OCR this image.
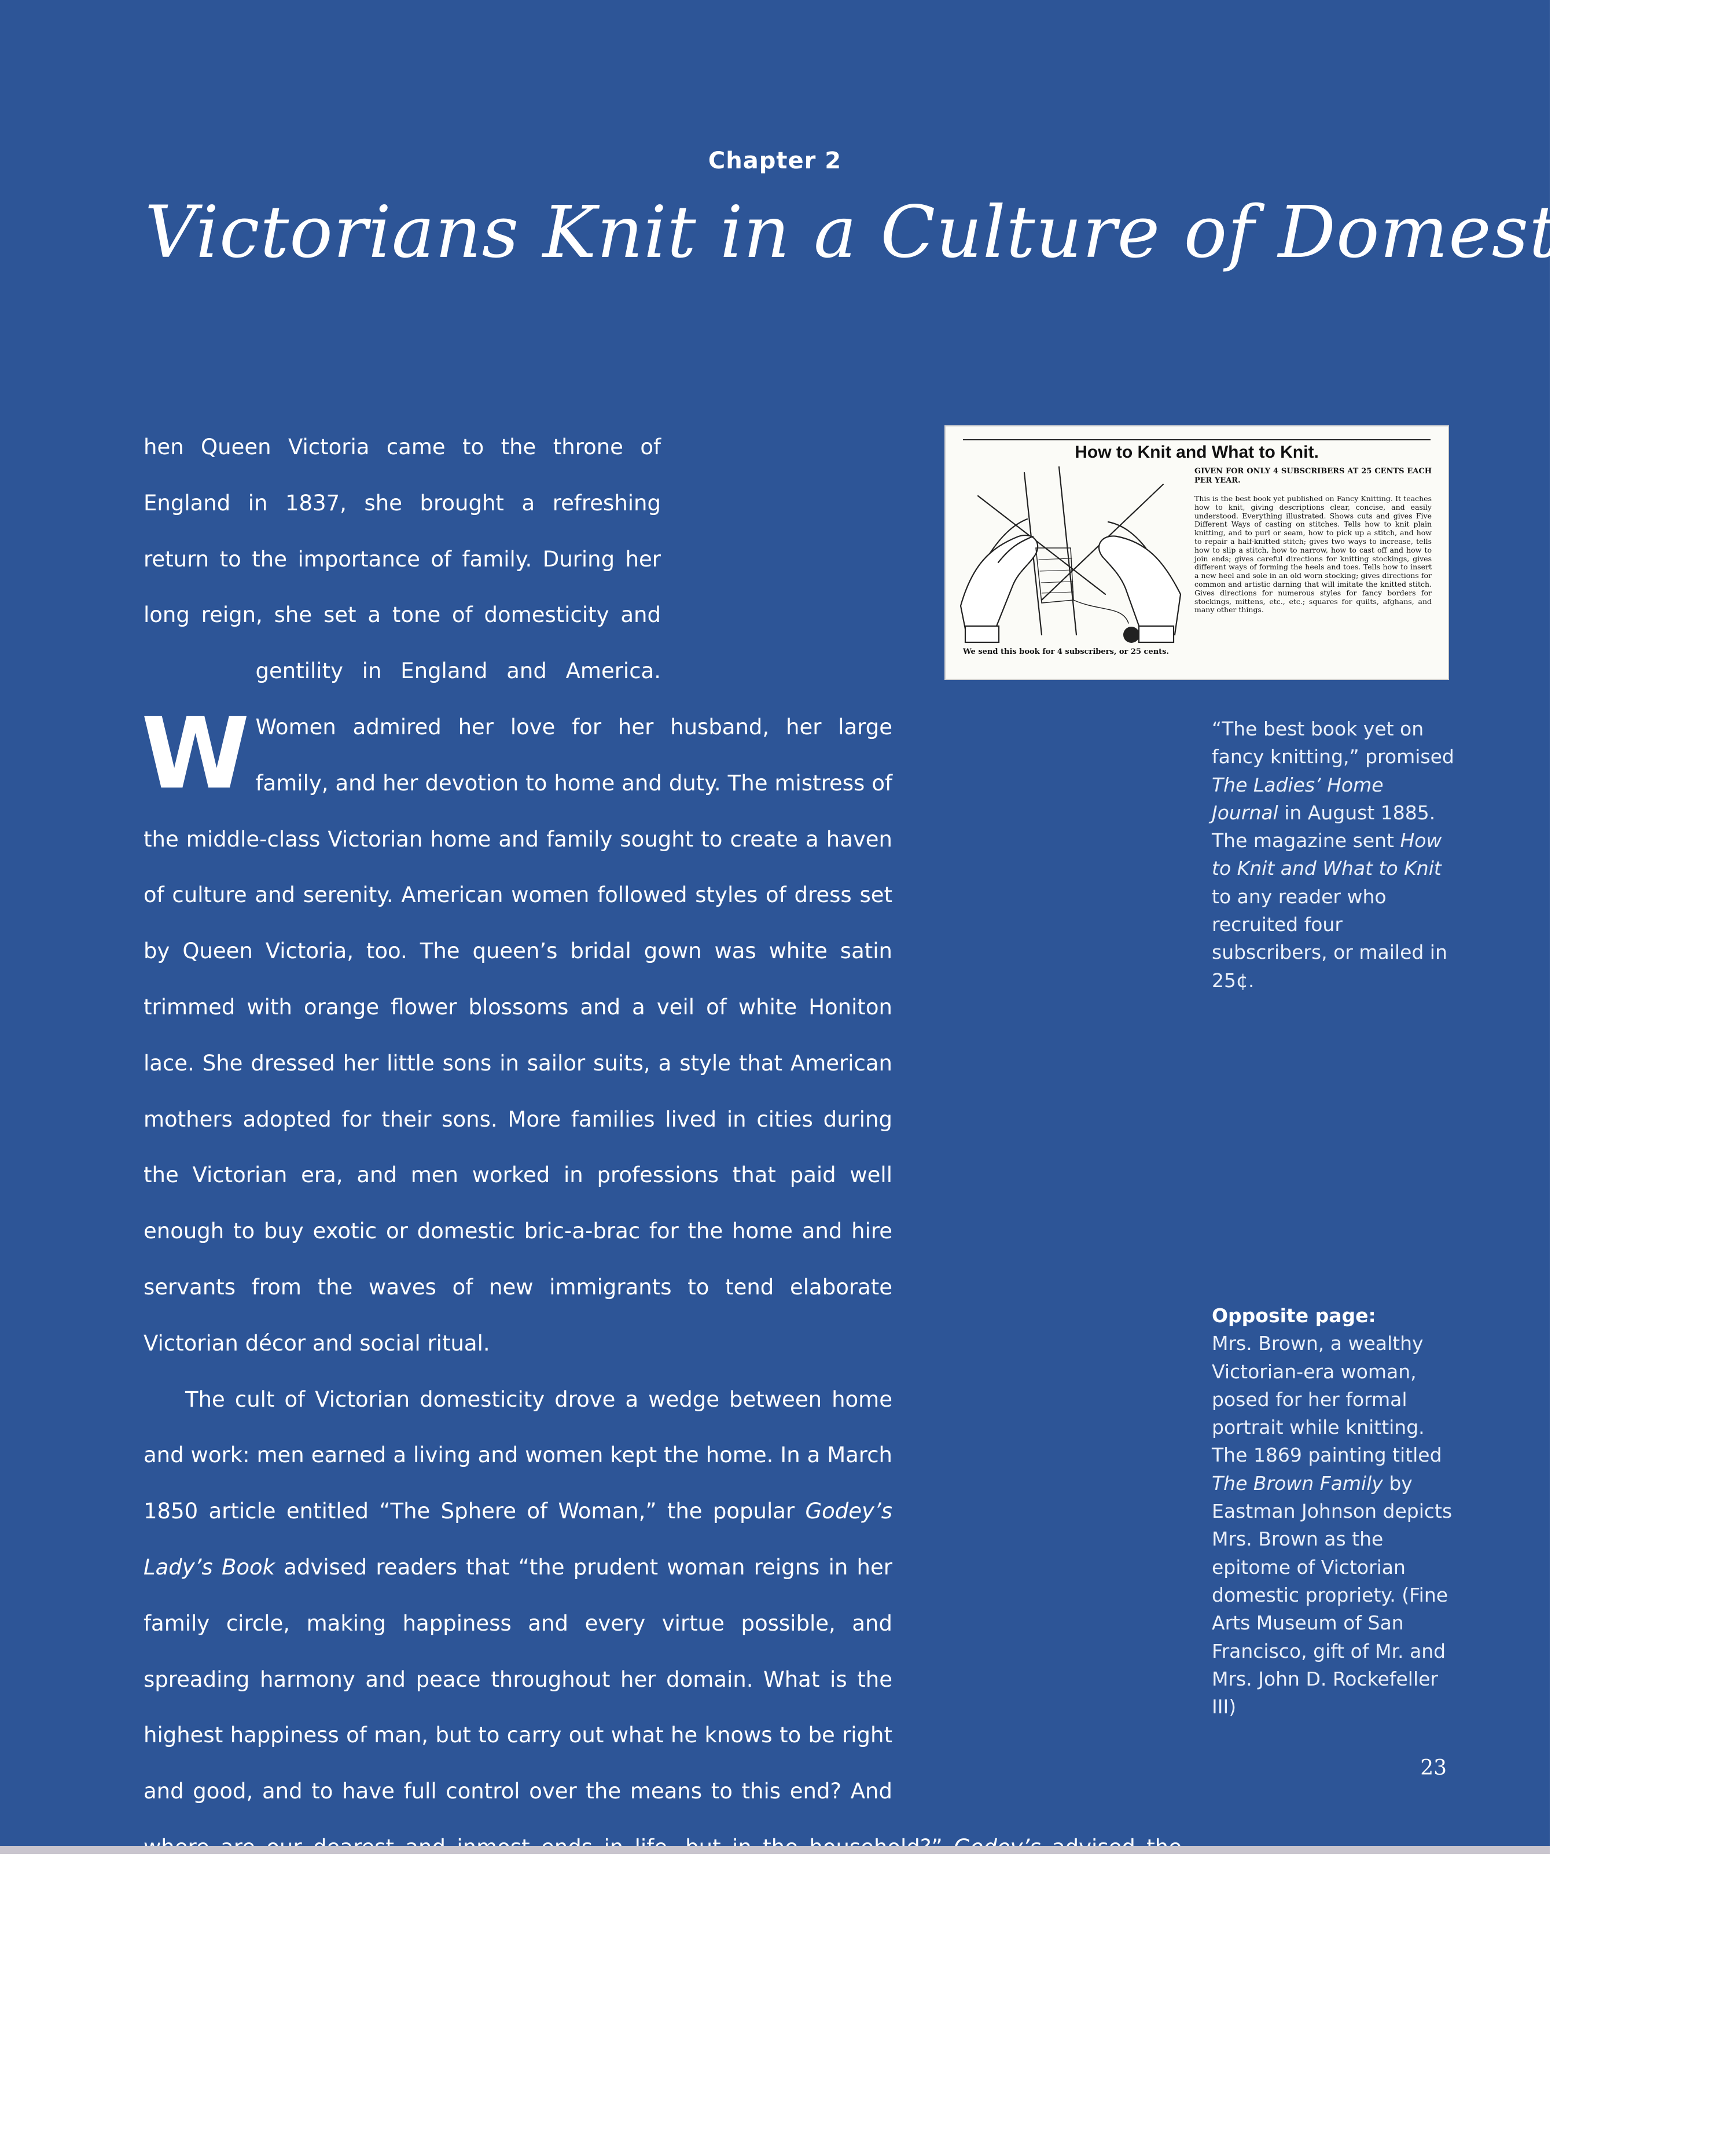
Chapter 2
Victorians Knit in a Culture of Domesticity
How to Knit and What to Knit.
GIVEN FOR ONLY 4 SUBSCRIBERS AT 25 CENTS EACH PER YEAR.
This is the best book yet published on Fancy Knitting. It teaches how to knit, giving descriptions clear, concise, and easily understood. Everything illustrated. Shows cuts and gives Five Different Ways of casting on stitches. Tells how to knit plain knitting, and to purl or seam, how to pick up a stitch, and how to repair a half-knitted stitch; gives two ways to increase, tells how to slip a stitch, how to narrow, how to cast off and how to join ends; gives careful directions for knitting stockings, gives different ways of forming the heels and toes. Tells how to insert a new heel and sole in an old worn stocking; gives directions for common and artistic darning that will imitate the knitted stitch. Gives directions for numerous styles for fancy borders for stockings, mittens, etc., etc.; squares for quilts, afghans, and many other things.
We send this book for 4 subscribers, or 25 cents.

W
hen Queen Victoria came to the throne of England in 1837, she brought a refreshing return to the importance of family. During her long reign, she set a tone of domesticity and gentility in England and America. Women admired her love for her husband, her large family, and her devotion to home and duty. The mistress of the middle-class Victorian home and family sought to create a haven of culture and serenity. American women followed styles of dress set by Queen Victoria, too. The queen’s bridal gown was white satin trimmed with orange flower blossoms and a veil of white Honiton lace. She dressed her little sons in sailor suits, a style that American mothers adopted for their sons. More families lived in cities during the Victorian era, and men worked in professions that paid well enough to buy exotic or domestic bric-a-brac for the home and hire servants from the waves of new immigrants to tend elaborate Victorian décor and social ritual.

The cult of Victorian domesticity drove a wedge between home and work: men earned a living and women kept the home. In a March 1850 article entitled “The Sphere of Woman,” the popular Godey’s Lady’s Book advised readers that “the prudent woman reigns in her family circle, making happiness and every virtue possible, and spreading harmony and peace throughout her domain. What is the highest happiness of man, but to carry out what he knows to be right and good, and to have full control over the means to this end? And Victorian woman not to stray from her home sphere: “As the sexes were designed to fill different positions in the economy of life, it would not be in harmony with the manifestations of Divine wisdom in all things else, to suppose that the powers of each were not peculiarly fitted for their own appropriate sphere. Woman gains nothing — she always loses when she leaves her own sphere for that of man.”$^{33}$

“The best book yet on fancy knitting,” promised The Ladies’ Home Journal in August 1885. The magazine sent How to Knit and What to Knit to any reader who recruited four subscribers, or mailed in 25¢.
Opposite page:
Mrs. Brown, a wealthy Victorian-era woman, posed for her formal portrait while knitting. The 1869 painting titled The Brown Family by Eastman Johnson depicts Mrs. Brown as the epitome of Victorian domestic propriety. (Fine Arts Museum of San Francisco, gift of Mr. and Mrs. John D. Rockefeller III)
23
